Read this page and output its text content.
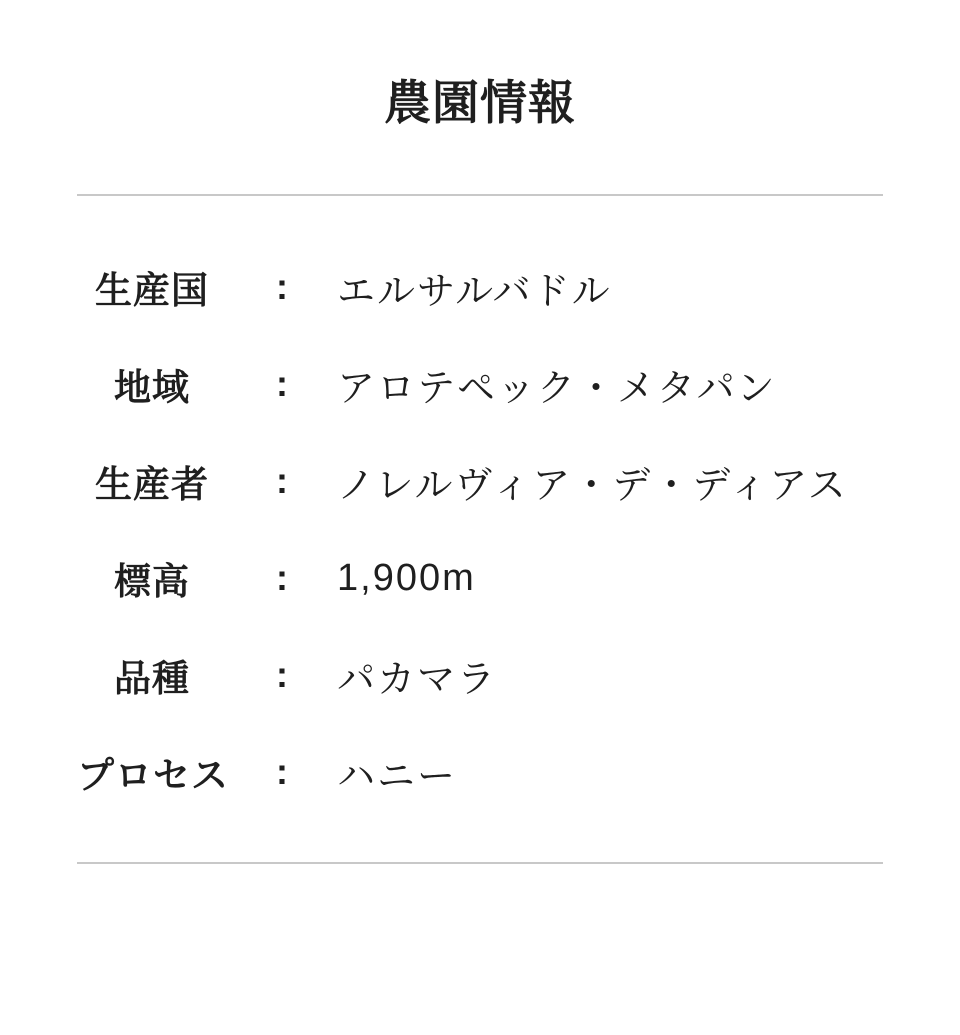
農園情報
生産国	:	エルサルバドル
地域	:	アロテペック・メタパン
生産者	:	ノレルヴィア・デ・ディアス
標高	:	1,900m
品種	:	パカマラ
プロセス	:	ハニー
